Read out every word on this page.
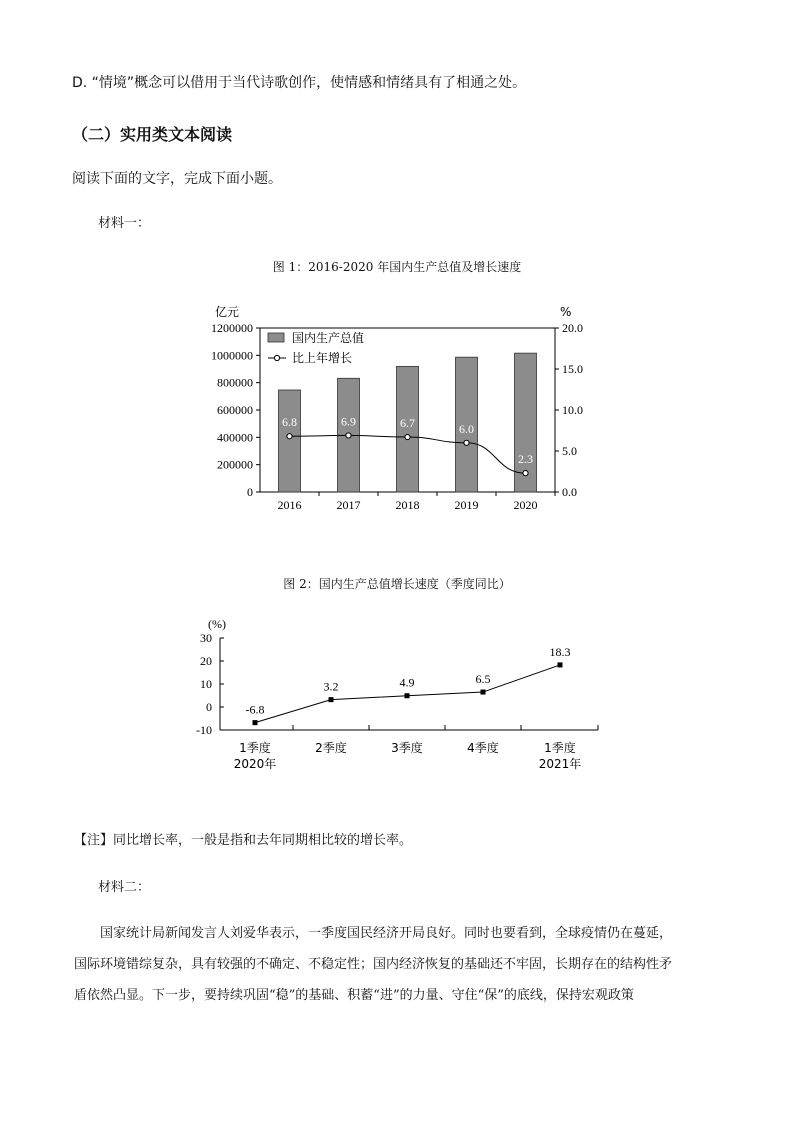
D. “情境”概念可以借用于当代诗歌创作，使情感和情绪具有了相通之处。
（二）实用类文本阅读
阅读下面的文字，完成下面小题。
材料一：
图 1：2016-2020 年国内生产总值及增长速度
亿元	%
0
200000
400000
600000
800000
1000000
1200000
0.0
5.0
10.0
15.0
20.0
2016	2017	2018	2019	2020
6.8	6.9	6.7	6.0
2.3
国内生产总值
比上年增长
图 2：国内生产总值增长速度（季度同比）
(%)
-10
0
10
20
30
-6.8
3.2	4.9	6.5
18.3
1季度
2020年
2季度	3季度	4季度	1季度
2021年
【注】同比增长率，一般是指和去年同期相比较的增长率。
材料二：
国家统计局新闻发言人刘爱华表示，一季度国民经济开局良好。同时也要看到，全球疫情仍在蔓延，
国际环境错综复杂，具有较强的不确定、不稳定性；国内经济恢复的基础还不牢固，长期存在的结构性矛
盾依然凸显。下一步，要持续巩固“稳”的基础、积蓄“进”的力量、守住“保”的底线，保持宏观政策
